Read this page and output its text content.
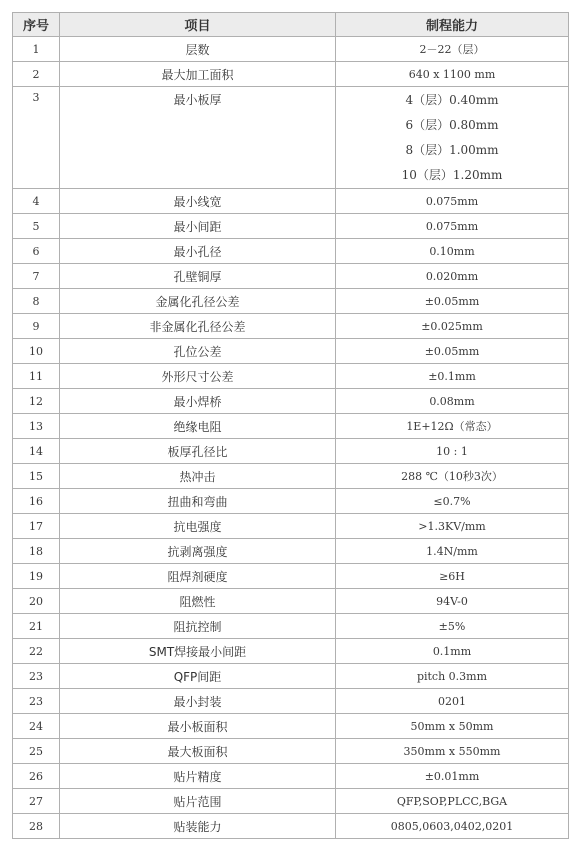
序号	项目	制程能力
1	层数	2－22（层）
2	最大加工面积	640 x 1100 mm
3	最小板厚	4（层）0.40mm
6（层）0.80mm
8（层）1.00mm
10（层）1.20mm

4	最小线宽	0.075mm
5	最小间距	0.075mm
6	最小孔径	0.10mm
7	孔壁铜厚	0.020mm
8	金属化孔径公差	±0.05mm
9	非金属化孔径公差	±0.025mm
10	孔位公差	±0.05mm
11	外形尺寸公差	±0.1mm
12	最小焊桥	0.08mm
13	绝缘电阻	1E+12Ω（常态）
14	板厚孔径比	10 : 1
15	热冲击	288 ℃（10秒3次）
16	扭曲和弯曲	≤0.7%
17	抗电强度	>1.3KV/mm
18	抗剥离强度	1.4N/mm
19	阻焊剂硬度	≥6H
20	阻燃性	94V-0
21	阻抗控制	±5%
22	SMT焊接最小间距	0.1mm
23	QFP间距	pitch 0.3mm
23	最小封装	0201
24	最小板面积	50mm x 50mm
25	最大板面积	350mm x 550mm
26	贴片精度	±0.01mm
27	贴片范围	QFP,SOP,PLCC,BGA
28	贴装能力	0805,0603,0402,0201
